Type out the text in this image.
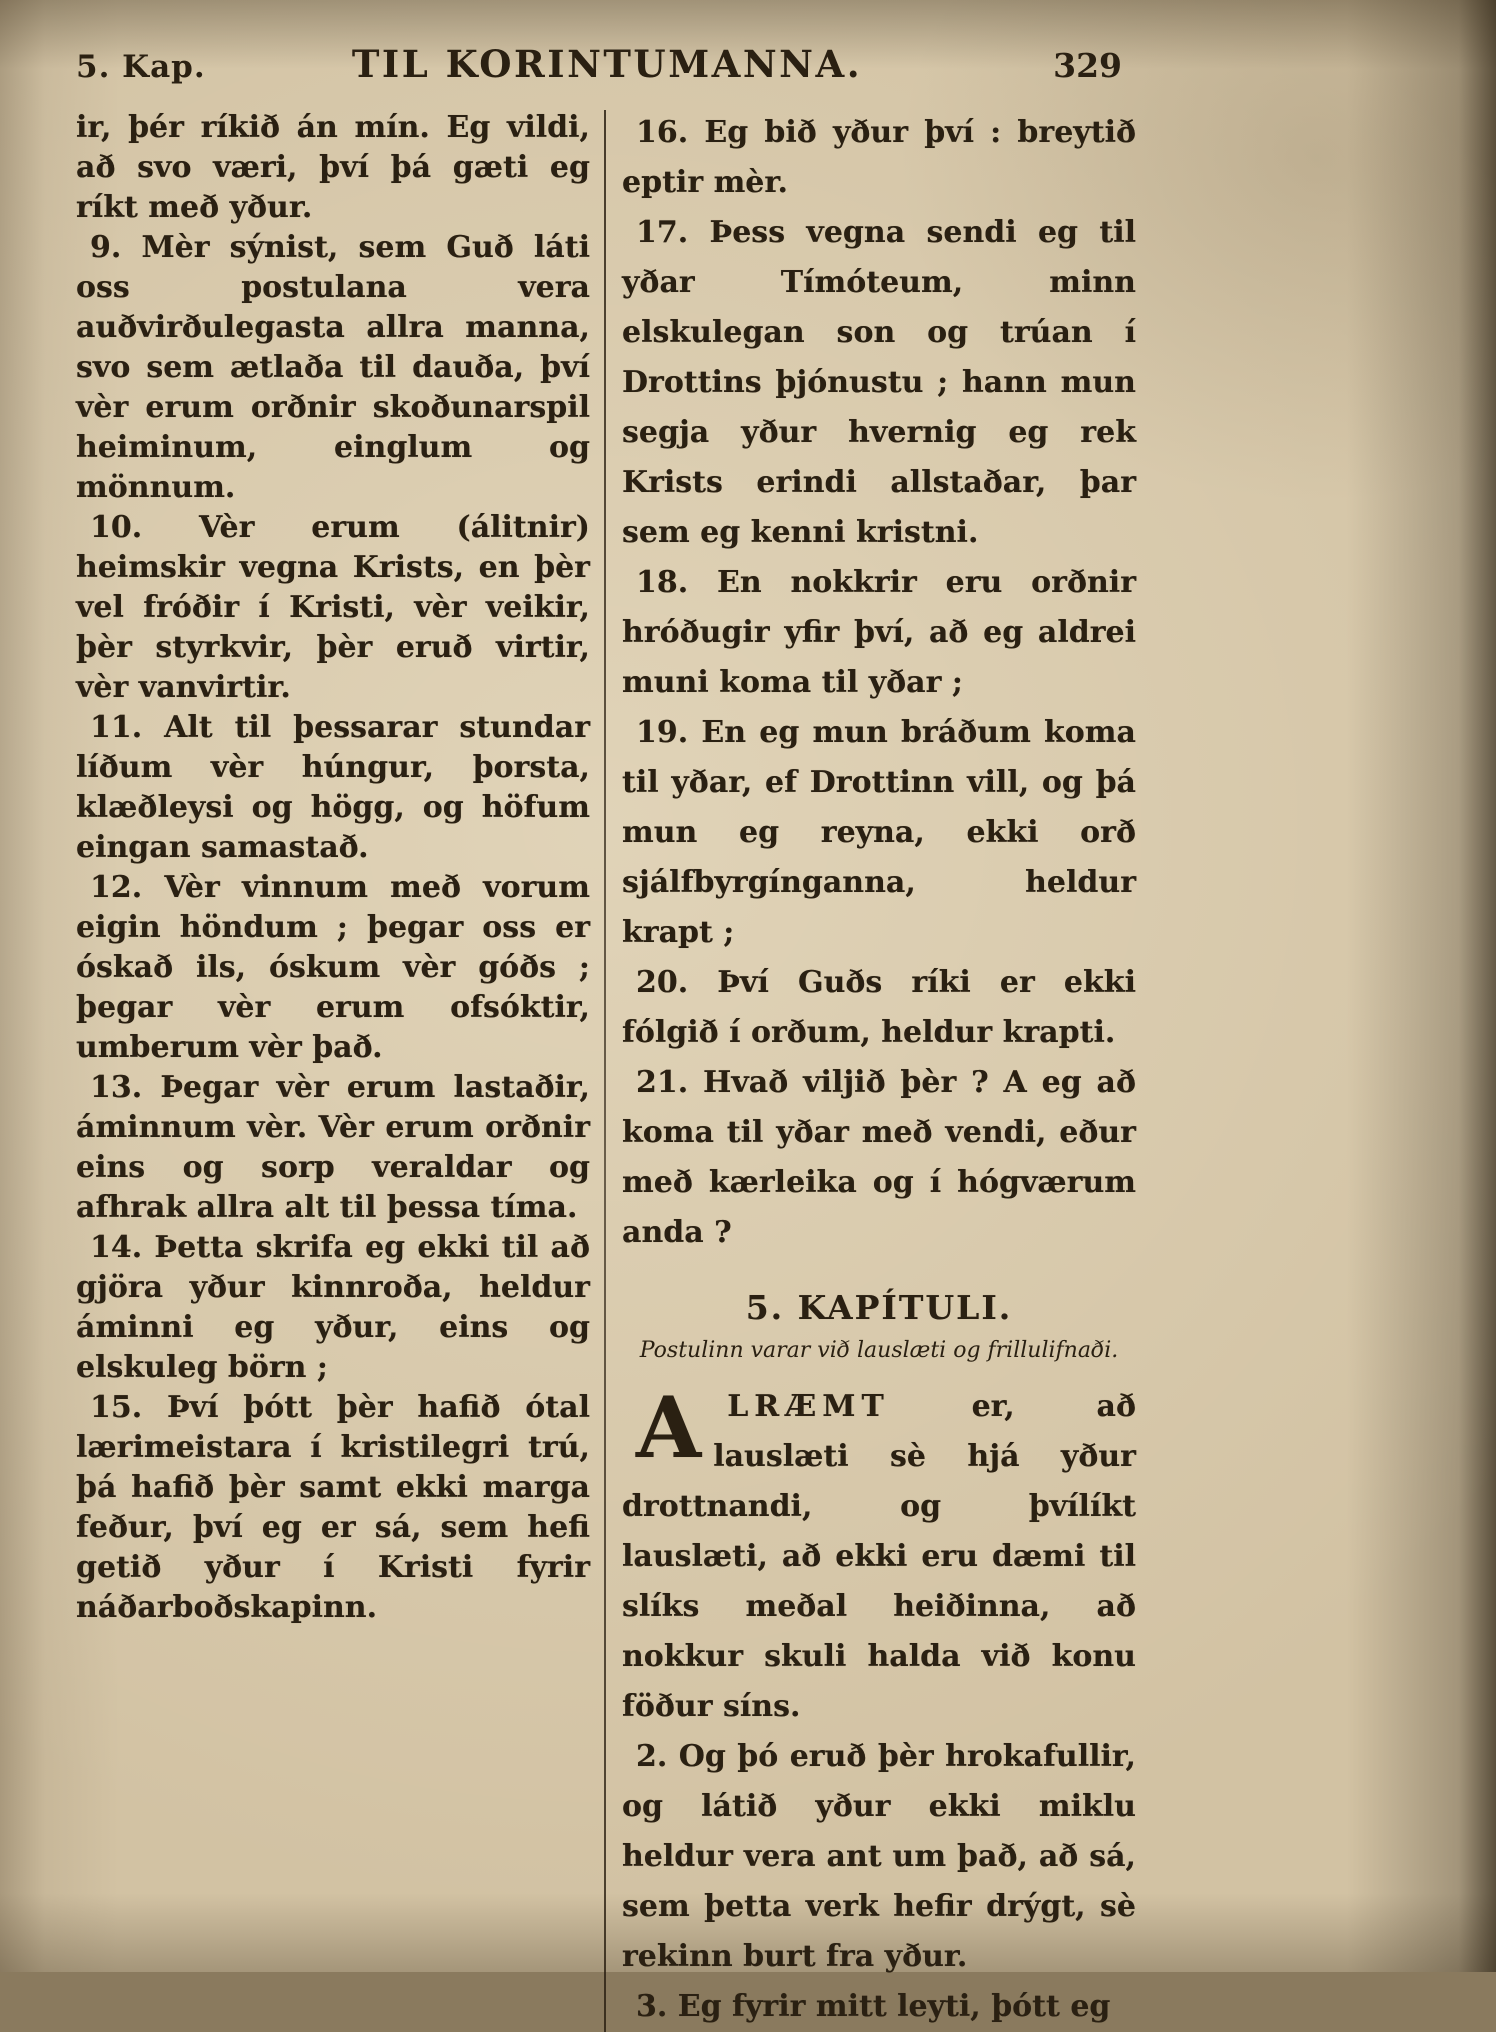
5. Kap.	TIL KORINTUMANNA.	329

ir, þér ríkið án mín. Eg vildi, að svo væri, því þá gæti eg ríkt með yður.

9. Mèr sýnist, sem Guð láti oss postulana vera auðvirðulegasta allra manna, svo sem ætlaða til dauða, því vèr erum orðnir skoðunarspil heiminum, einglum og mönnum.

10. Vèr erum (álitnir) heimskir vegna Krists, en þèr vel fróðir í Kristi, vèr veikir, þèr styrkvir, þèr eruð virtir, vèr vanvirtir.

11. Alt til þessarar stundar líðum vèr húngur, þorsta, klæðleysi og högg, og höfum eingan samastað.

12. Vèr vinnum með vorum eigin höndum ; þegar oss er óskað ils, óskum vèr góðs ; þegar vèr erum ofsóktir, umberum vèr það.

13. Þegar vèr erum lastaðir, áminnum vèr. Vèr erum orðnir eins og sorp veraldar og afhrak allra alt til þessa tíma.

14. Þetta skrifa eg ekki til að gjöra yður kinnroða, heldur áminni eg yður, eins og elskuleg börn ;

15. Því þótt þèr hafið ótal lærimeistara í kristilegri trú, þá hafið þèr samt ekki marga feður, því eg er sá, sem hefi getið yður í Kristi fyrir náðarboðskapinn.

16. Eg bið yður því : breytið eptir mèr.

17. Þess vegna sendi eg til yðar Tímóteum, minn elskulegan son og trúan í Drottins þjónustu ; hann mun segja yður hvernig eg rek Krists erindi allstaðar, þar sem eg kenni kristni.

18. En nokkrir eru orðnir hróðugir yfir því, að eg aldrei muni koma til yðar ;

19. En eg mun bráðum koma til yðar, ef Drottinn vill, og þá mun eg reyna, ekki orð sjálfbyrgínganna, heldur krapt ;

20. Því Guðs ríki er ekki fólgið í orðum, heldur krapti.

21. Hvað viljið þèr ? A eg að koma til yðar með vendi, eður með kærleika og í hógværum anda ?

5. KAPÍTULI.

Postulinn varar við lauslæti og frillulifnaði.

A LRÆMT er, að lauslæti sè hjá yður drottnandi, og þvílíkt lauslæti, að ekki eru dæmi til slíks meðal heiðinna, að nokkur skuli halda við konu föður síns.

2. Og þó eruð þèr hrokafullir, og látið yður ekki miklu heldur vera ant um það, að sá, sem þetta verk hefir drýgt, sè rekinn burt fra yður.

3. Eg fyrir mitt leyti, þótt eg
